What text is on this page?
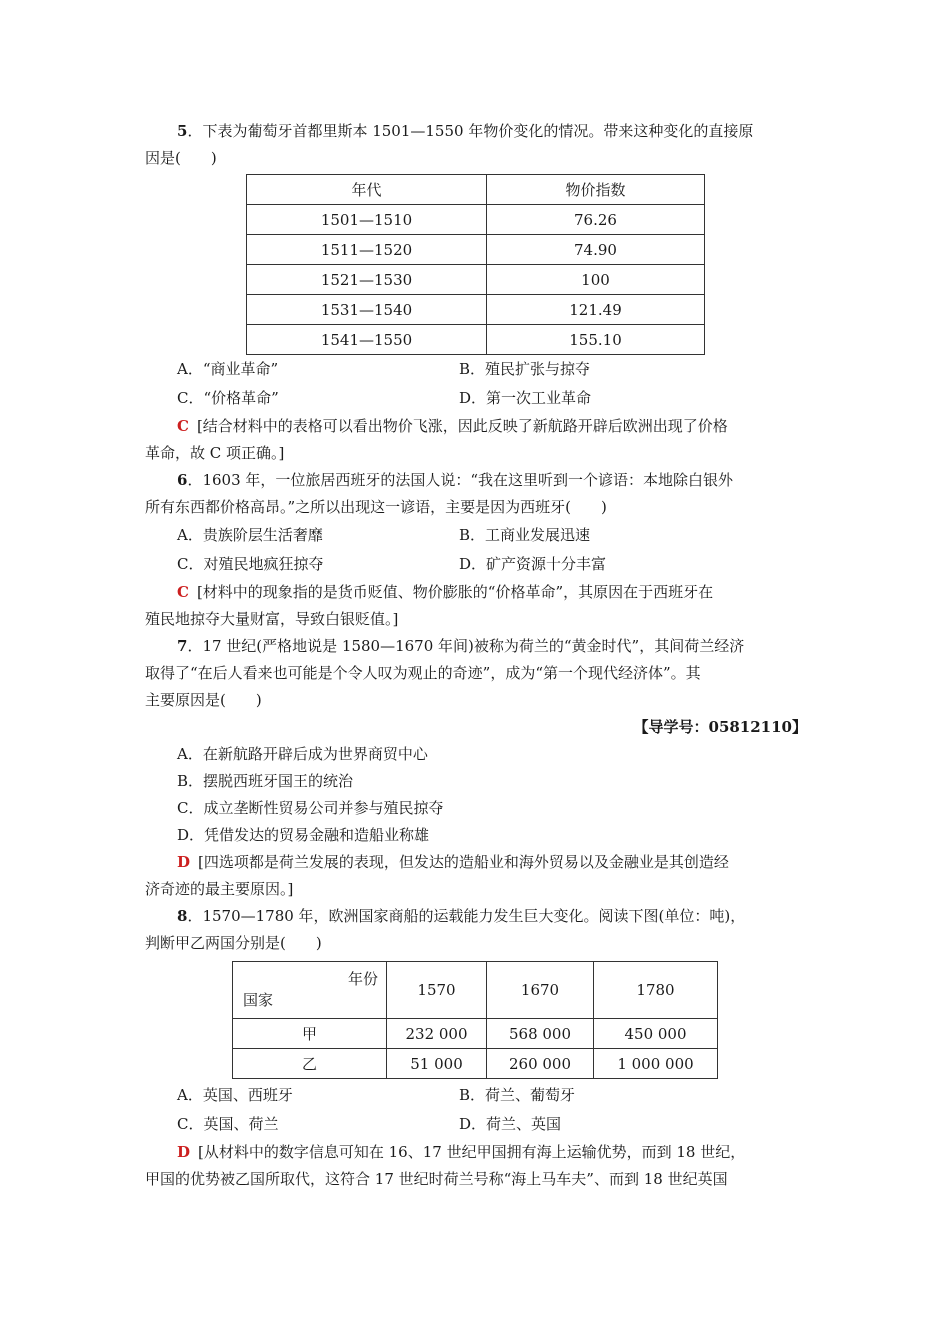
5．下表为葡萄牙首都里斯本 1501—1550 年物价变化的情况。带来这种变化的直接原
因是(　　)
年代	物价指数
1501—1510	76.26
1511—1520	74.90
1521—1530	100
1531—1540	121.49
1541—1550	155.10
A．“商业革命”	B．殖民扩张与掠夺
C．“价格革命”	D．第一次工业革命
C [结合材料中的表格可以看出物价飞涨，因此反映了新航路开辟后欧洲出现了价格
革命，故 C 项正确。]
6．1603 年，一位旅居西班牙的法国人说：“我在这里听到一个谚语：本地除白银外
所有东西都价格高昂。”之所以出现这一谚语，主要是因为西班牙(　　)
A．贵族阶层生活奢靡	B．工商业发展迅速
C．对殖民地疯狂掠夺	D．矿产资源十分丰富
C [材料中的现象指的是货币贬值、物价膨胀的“价格革命”，其原因在于西班牙在
殖民地掠夺大量财富，导致白银贬值。]
7．17 世纪(严格地说是 1580—1670 年间)被称为荷兰的“黄金时代”，其间荷兰经济
取得了“在后人看来也可能是个令人叹为观止的奇迹”，成为“第一个现代经济体”。其
主要原因是(　　)
【导学号：05812110】
A．在新航路开辟后成为世界商贸中心
B．摆脱西班牙国王的统治
C．成立垄断性贸易公司并参与殖民掠夺
D．凭借发达的贸易金融和造船业称雄
D [四选项都是荷兰发展的表现，但发达的造船业和海外贸易以及金融业是其创造经
济奇迹的最主要原因。]
8．1570—1780 年，欧洲国家商船的运载能力发生巨大变化。阅读下图(单位：吨)，
判断甲乙两国分别是(　　)
年份
国家	1570	1670	1780
甲	232 000	568 000	450 000
乙	51 000	260 000	1 000 000
A．英国、西班牙	B．荷兰、葡萄牙
C．英国、荷兰	D．荷兰、英国
D [从材料中的数字信息可知在 16、17 世纪甲国拥有海上运输优势，而到 18 世纪，
甲国的优势被乙国所取代，这符合 17 世纪时荷兰号称“海上马车夫”、而到 18 世纪英国
